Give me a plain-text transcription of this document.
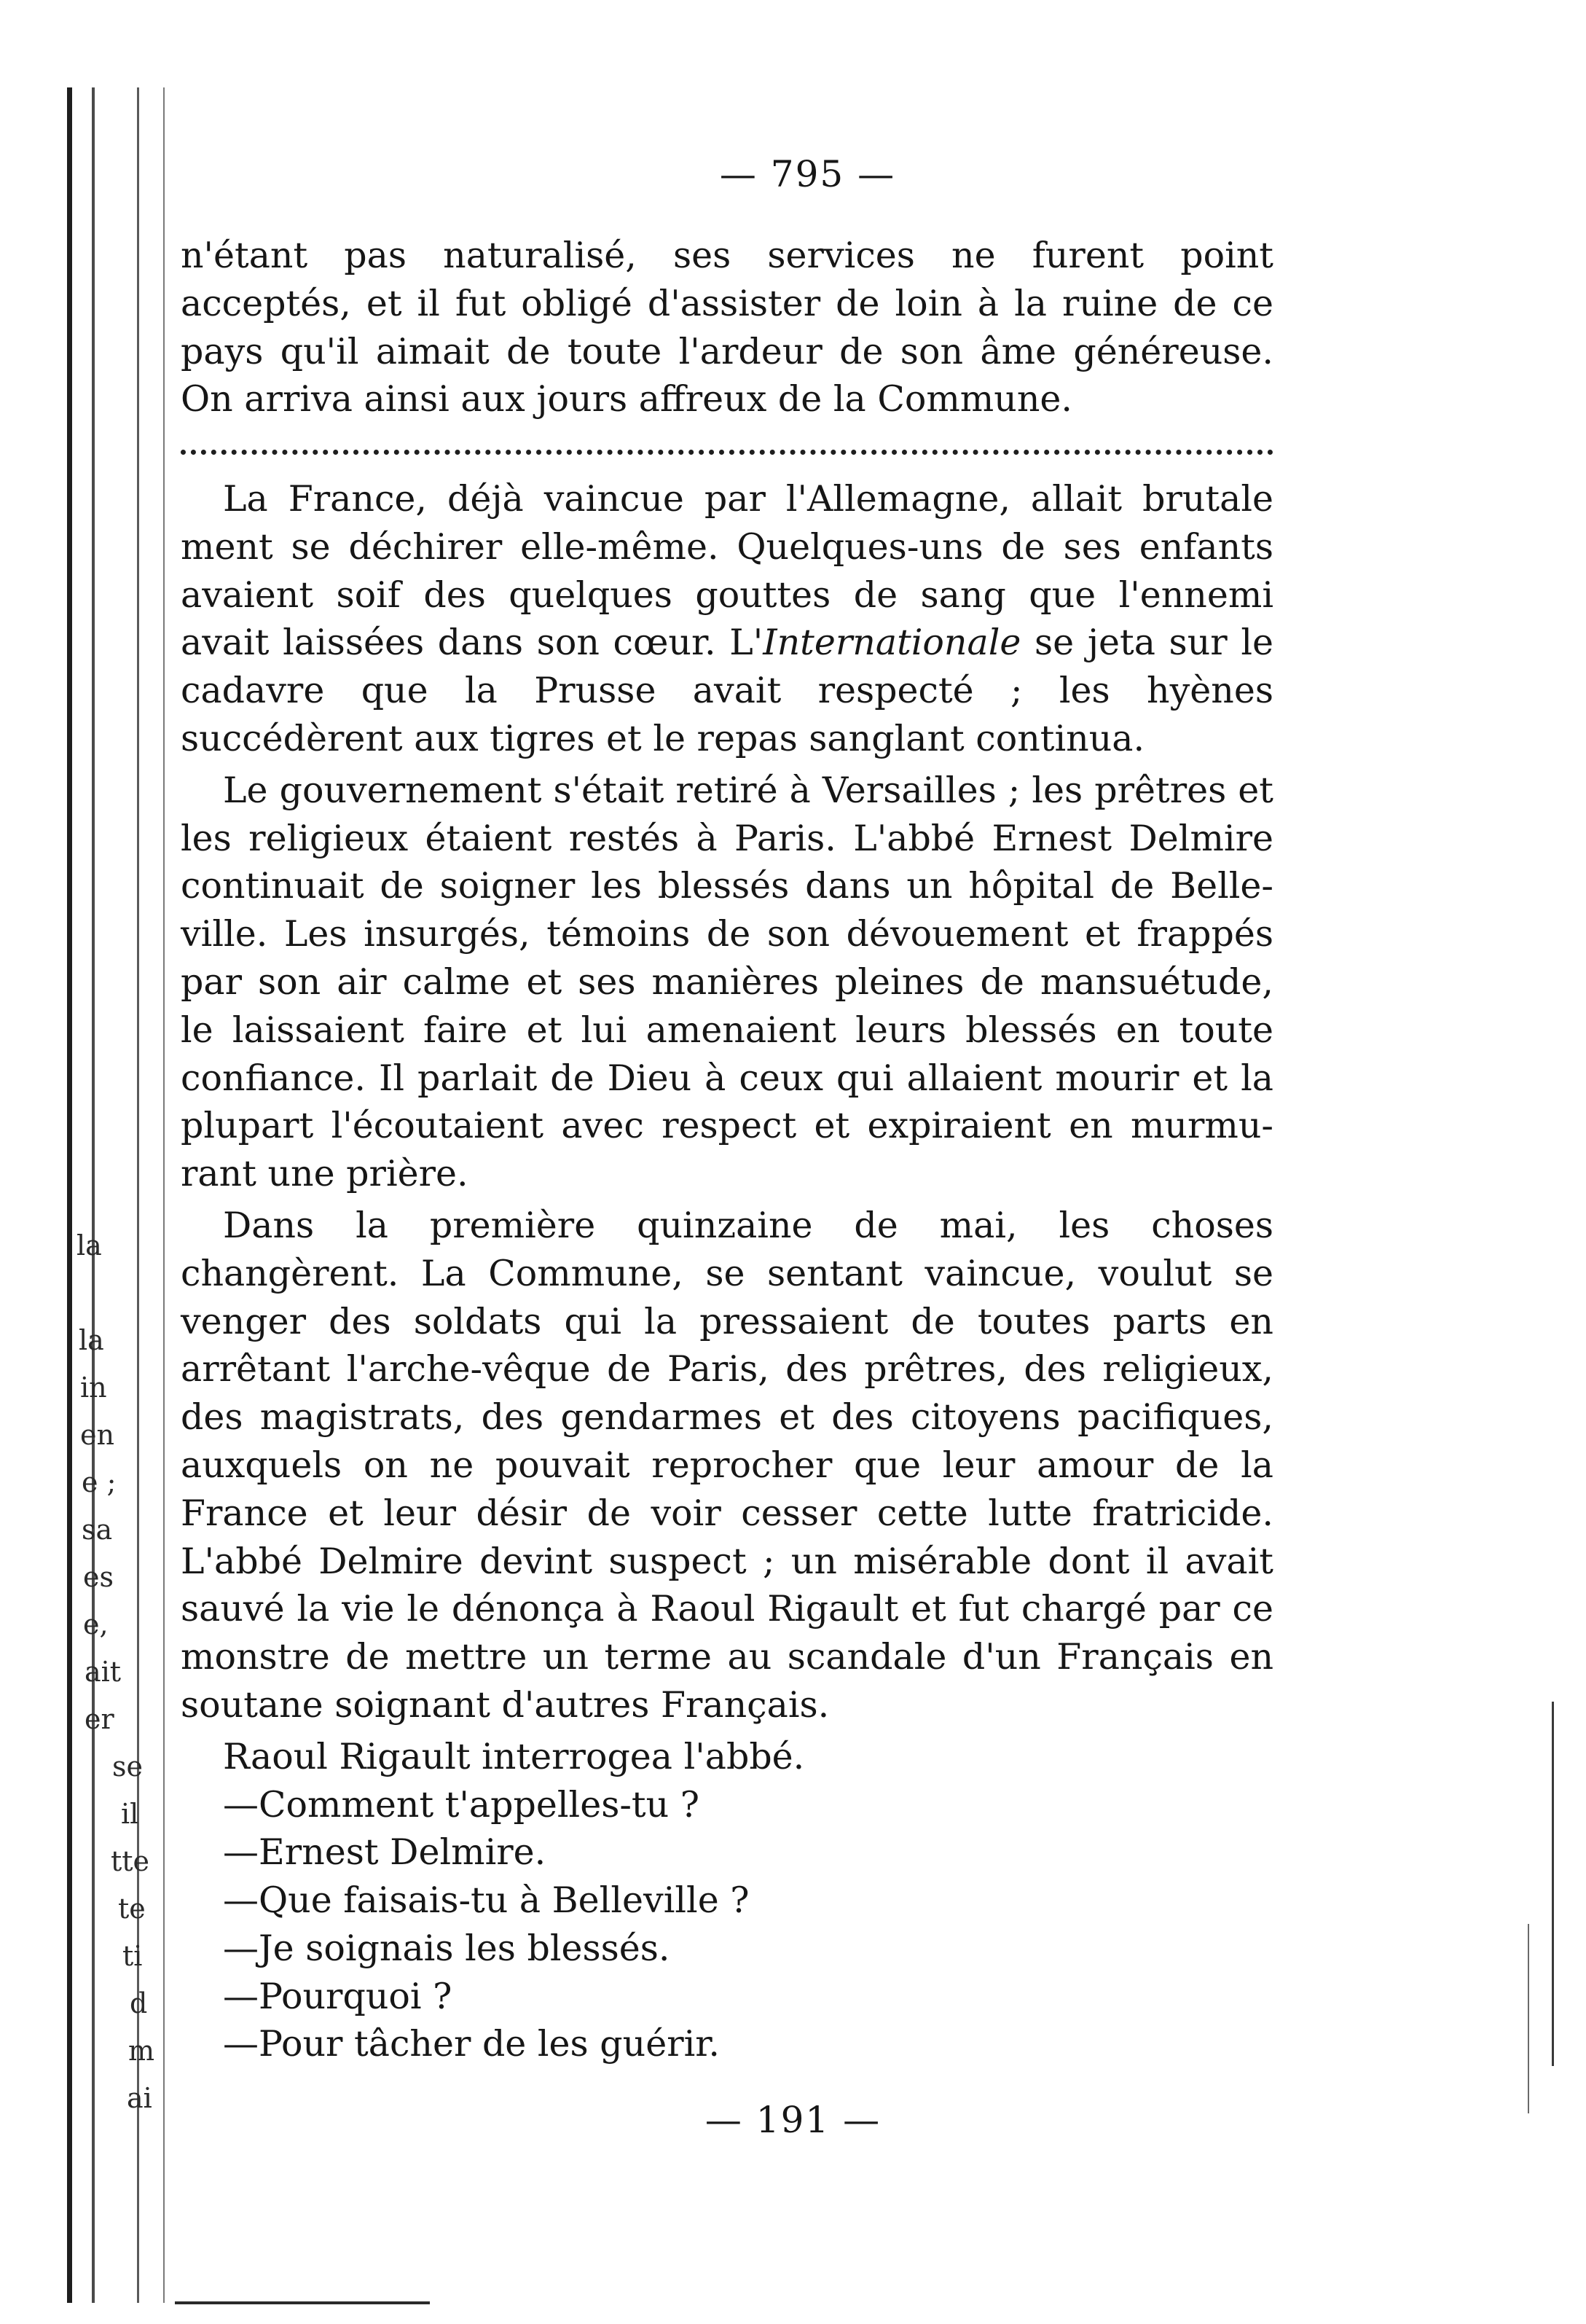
la
la
in
en
e ;
sa
es
e,
ait
er
se
il
tte
te
ti
d
m
ai
— 795 —

n'étant pas naturalisé, ses services ne furent point acceptés, et il fut obligé d'assister de loin à la ruine de ce pays qu'il aimait de toute l'ardeur de son âme généreuse. On arriva ainsi aux jours affreux de la Commune.

La France, déjà vaincue par l'Allemagne, allait brutale ment se déchirer elle-même. Quelques-uns de ses enfants avaient soif des quelques gouttes de sang que l'ennemi avait laissées dans son cœur. L'Internationale se jeta sur le cadavre que la Prusse avait respecté ; les hyènes succédèrent aux tigres et le repas sanglant continua.

Le gouvernement s'était retiré à Versailles ; les prêtres et les religieux étaient restés à Paris. L'abbé Ernest Delmire continuait de soigner les blessés dans un hôpital de Belle-ville. Les insurgés, témoins de son dévouement et frappés par son air calme et ses manières pleines de mansuétude, le laissaient faire et lui amenaient leurs blessés en toute confiance. Il parlait de Dieu à ceux qui allaient mourir et la plupart l'écoutaient avec respect et expiraient en murmu-rant une prière.

Dans la première quinzaine de mai, les choses changèrent. La Commune, se sentant vaincue, voulut se venger des soldats qui la pressaient de toutes parts en arrêtant l'arche-vêque de Paris, des prêtres, des religieux, des magistrats, des gendarmes et des citoyens pacifiques, auxquels on ne pouvait reprocher que leur amour de la France et leur désir de voir cesser cette lutte fratricide. L'abbé Delmire devint suspect ; un misérable dont il avait sauvé la vie le dénonça à Raoul Rigault et fut chargé par ce monstre de mettre un terme au scandale d'un Français en soutane soignant d'autres Français.

Raoul Rigault interrogea l'abbé.

—Comment t'appelles-tu ?

—Ernest Delmire.

—Que faisais-tu à Belleville ?

—Je soignais les blessés.

—Pourquoi ?

—Pour tâcher de les guérir.

— 191 —
